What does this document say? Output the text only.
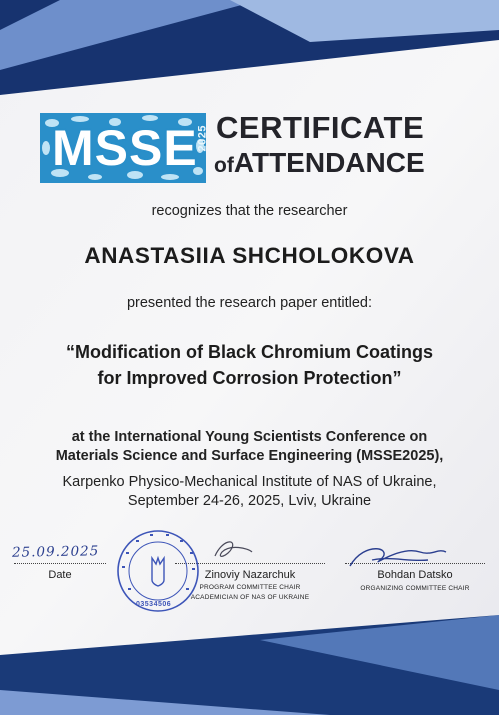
MSSE
2025 CERTIFICATE
ofATTENDANCE
recognizes that the researcher
ANASTASIIA SHCHOLOKOVA
presented the research paper entitled:
“Modification of Black Chromium Coatings
for Improved Corrosion Protection”
at the International Young Scientists Conference on
Materials Science and Surface Engineering (MSSE2025),
Karpenko Physico-Mechanical Institute of NAS of Ukraine,
September 24-26, 2025, Lviv, Ukraine
25.09.2025
03534506
Date	Zinoviy Nazarchuk
PROGRAM COMMITTEE CHAIR
ACADEMICIAN OF NAS OF UKRAINE
Bohdan Datsko
ORGANIZING COMMITTEE CHAIR
